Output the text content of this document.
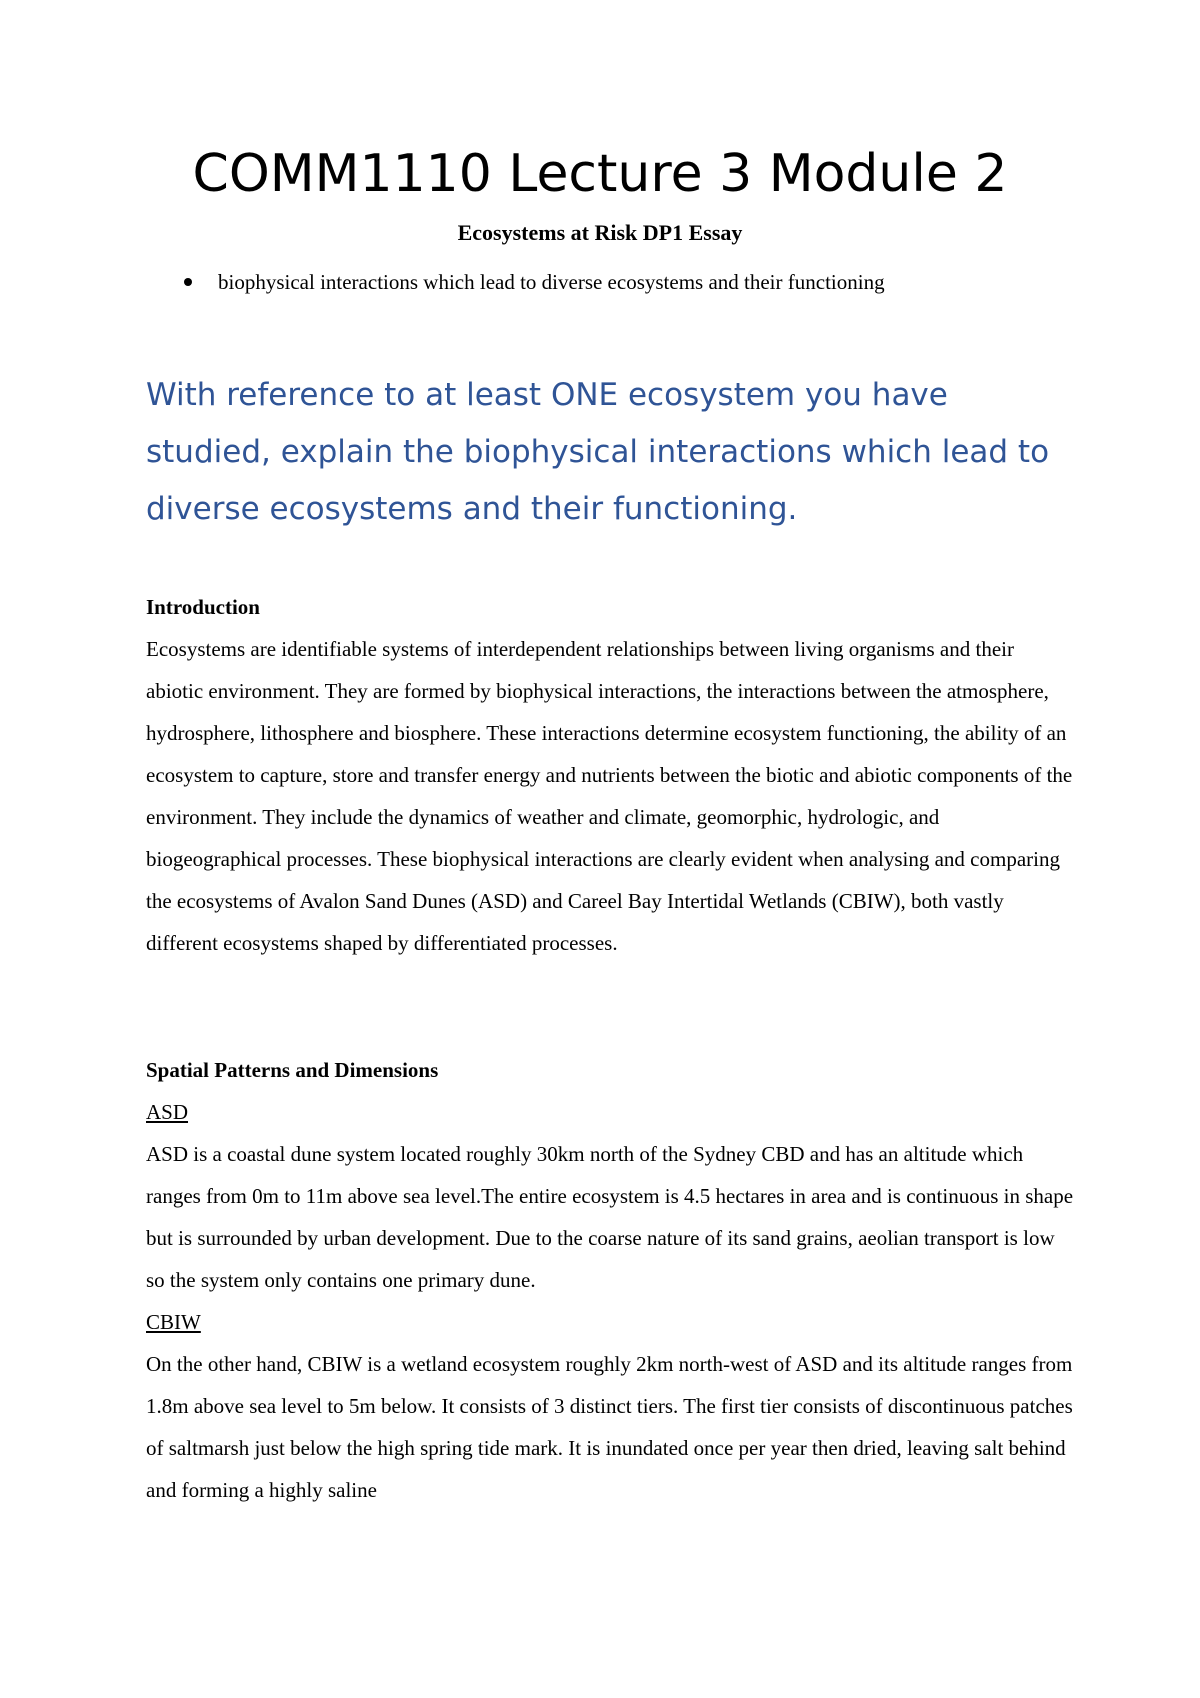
COMM1110 Lecture 3 Module 2
Ecosystems at Risk DP1 Essay
biophysical interactions which lead to diverse ecosystems and their functioning
With reference to at least ONE ecosystem you have studied, explain the biophysical interactions which lead to diverse ecosystems and their functioning.
Introduction

Ecosystems are identifiable systems of interdependent relationships between living organisms and their abiotic environment. They are formed by biophysical interactions, the interactions between the atmosphere, hydrosphere, lithosphere and biosphere. These interactions determine ecosystem functioning, the ability of an ecosystem to capture, store and transfer energy and nutrients between the biotic and abiotic components of the environment. They include the dynamics of weather and climate, geomorphic, hydrologic, and biogeographical processes. These biophysical interactions are clearly evident when analysing and comparing the ecosystems of Avalon Sand Dunes (ASD) and Careel Bay Intertidal Wetlands (CBIW), both vastly different ecosystems shaped by differentiated processes.

Spatial Patterns and Dimensions

ASD

ASD is a coastal dune system located roughly 30km north of the Sydney CBD and has an altitude which ranges from 0m to 11m above sea level.The entire ecosystem is 4.5 hectares in area and is continuous in shape but is surrounded by urban development. Due to the coarse nature of its sand grains, aeolian transport is low so the system only contains one primary dune.

CBIW

On the other hand, CBIW is a wetland ecosystem roughly 2km north-west of ASD and its altitude ranges from 1.8m above sea level to 5m below. It consists of 3 distinct tiers. The first tier consists of discontinuous patches of saltmarsh just below the high spring tide mark. It is inundated once per year then dried, leaving salt behind and forming a highly saline
